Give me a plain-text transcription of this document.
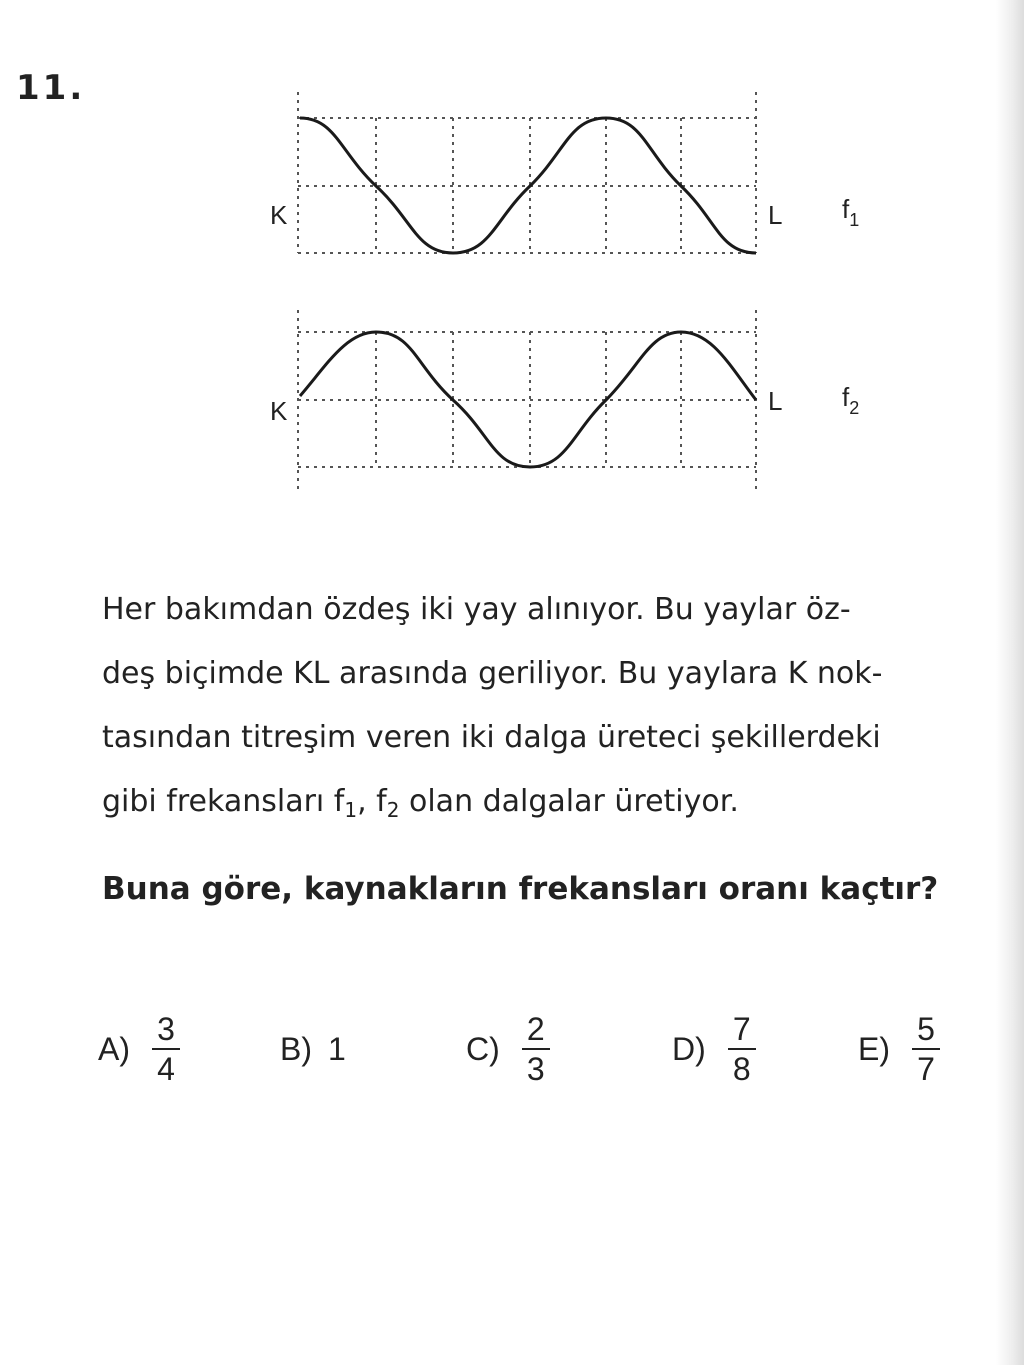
11.
K	L $f_1$
K	L $f_2$

Her bakımdan özdeş iki yay alınıyor. Bu yaylar öz-

deş biçimde KL arasında geriliyor. Bu yaylara K nok-

tasından titreşim veren iki dalga üreteci şekillerdeki

gibi frekansları $f_1$, $f_2$ olan dalgalar üretiyor.

Buna göre, kaynakların frekansları oranı kaçtır?
$A) \frac{3}{4}$	B) 1	$C) \frac{2}{3}$	$D) \frac{7}{8}$	$E) \frac{5}{7}$
